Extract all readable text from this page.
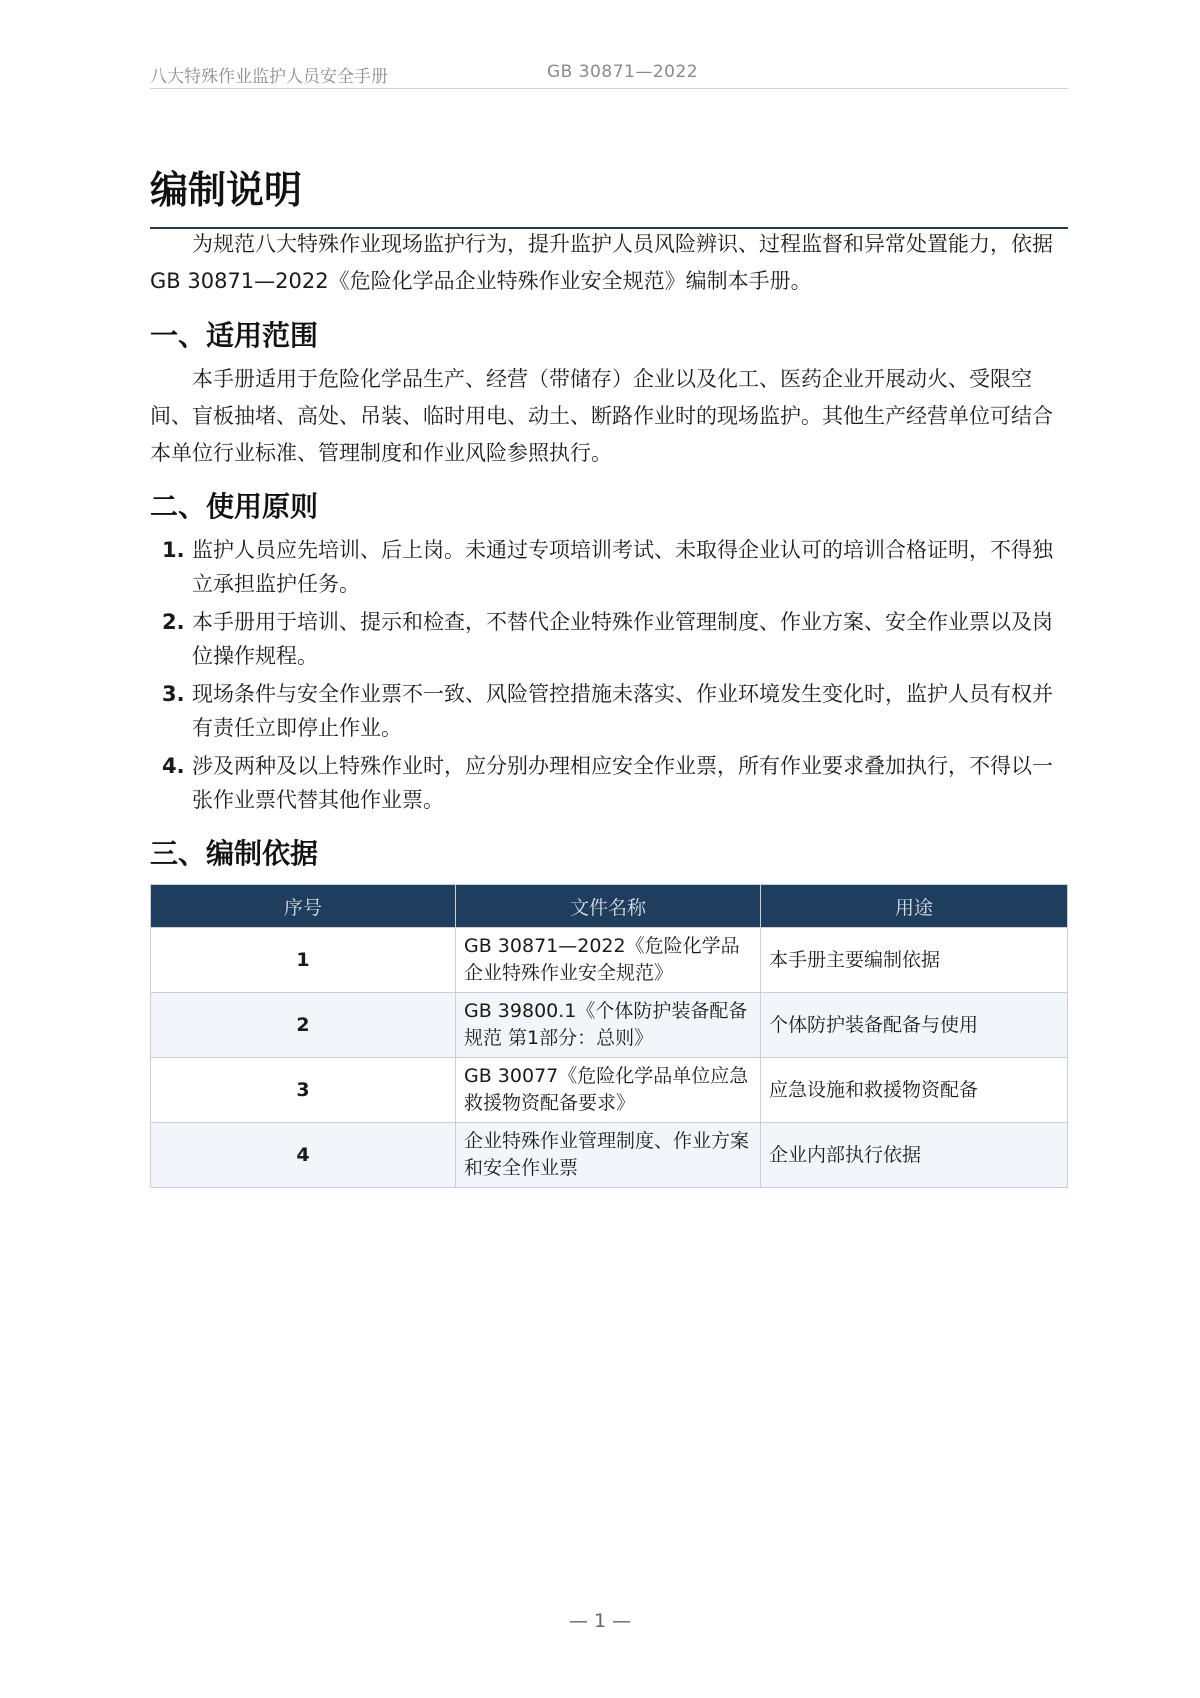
八大特殊作业监护人员安全手册	GB 30871—2022
编制说明

为规范八大特殊作业现场监护行为，提升监护人员风险辨识、过程监督和异常处置能力，依据GB 30871—2022《危险化学品企业特殊作业安全规范》编制本手册。

一、适用范围

本手册适用于危险化学品生产、经营（带储存）企业以及化工、医药企业开展动火、受限空间、盲板抽堵、高处、吊装、临时用电、动土、断路作业时的现场监护。其他生产经营单位可结合本单位行业标准、管理制度和作业风险参照执行。

二、使用原则
1. 监护人员应先培训、后上岗。未通过专项培训考试、未取得企业认可的培训合格证明，不得独立承担监护任务。
2. 本手册用于培训、提示和检查，不替代企业特殊作业管理制度、作业方案、安全作业票以及岗位操作规程。
3. 现场条件与安全作业票不一致、风险管控措施未落实、作业环境发生变化时，监护人员有权并有责任立即停止作业。
4. 涉及两种及以上特殊作业时，应分别办理相应安全作业票，所有作业要求叠加执行，不得以一张作业票代替其他作业票。
三、编制依据
序号	文件名称	用途
1	GB 30871—2022《危险化学品企业特殊作业安全规范》	本手册主要编制依据
2	GB 39800.1《个体防护装备配备规范 第1部分：总则》	个体防护装备配备与使用
3	GB 30077《危险化学品单位应急救援物资配备要求》	应急设施和救援物资配备
4	企业特殊作业管理制度、作业方案和安全作业票	企业内部执行依据
— 1 —
